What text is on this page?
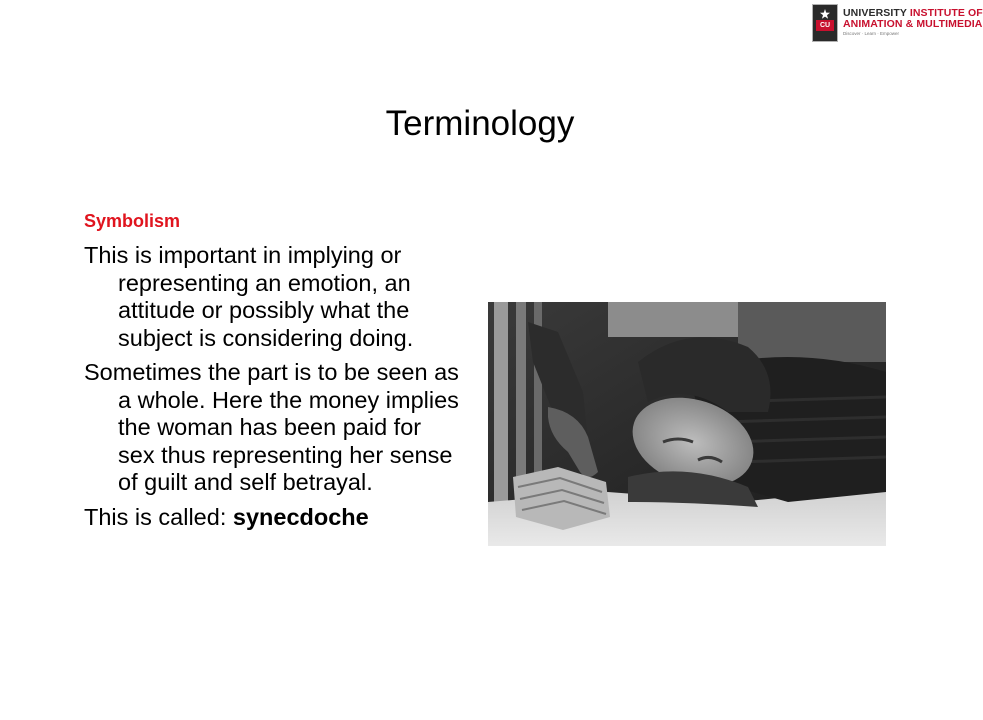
CU
UNIVERSITY INSTITUTE OF
ANIMATION & MULTIMEDIA
Discover · Learn · Empower
Terminology
Symbolism

This is important in implying or representing an emotion, an attitude or possibly what the subject is considering doing.

Sometimes the part is to be seen as a whole. Here the money implies the woman has been paid for sex thus representing her sense of guilt and self betrayal.

This is called: synecdoche
